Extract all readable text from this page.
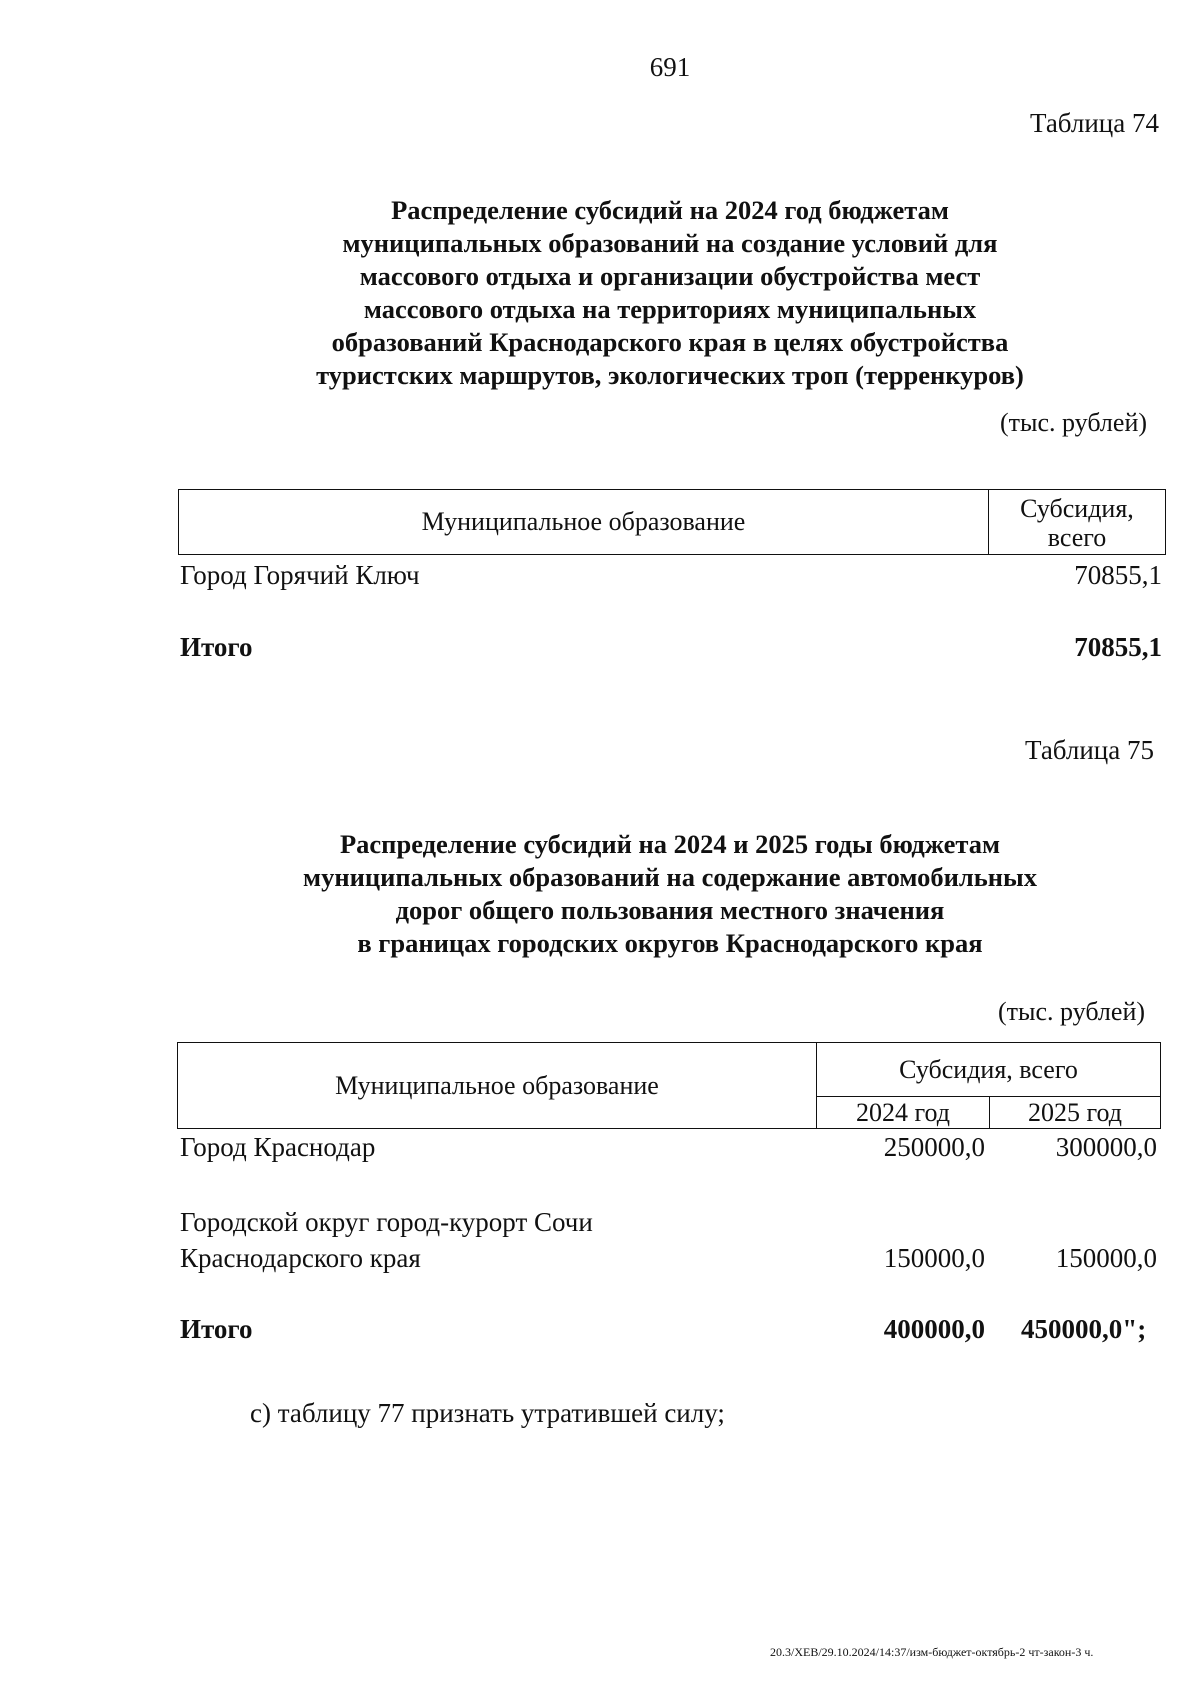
691
Таблица 74
Распределение субсидий на 2024 год бюджетам
муниципальных образований на создание условий для
массового отдыха и организации обустройства мест
массового отдыха на территориях муниципальных
образований Краснодарского края в целях обустройства
туристских маршрутов, экологических троп (терренкуров)
(тыс. рублей)
Муниципальное образование	Субсидия,
всего
Город Горячий Ключ	70855,1
Итого	70855,1
Таблица 75
Распределение субсидий на 2024 и 2025 годы бюджетам
муниципальных образований на содержание автомобильных
дорог общего пользования местного значения
в границах городских округов Краснодарского края
(тыс. рублей)
Муниципальное образование	Субсидия, всего	
	2024 год	2025 год
Город Краснодар	250000,0	300000,0
Городской округ город-курорт Сочи
Краснодарского края	150000,0	150000,0
Итого	400000,0 450000,0";
с) таблицу 77 признать утратившей силу;
20.3/ХЕВ/29.10.2024/14:37/изм-бюджет-октябрь-2 чт-закон-3 ч.
